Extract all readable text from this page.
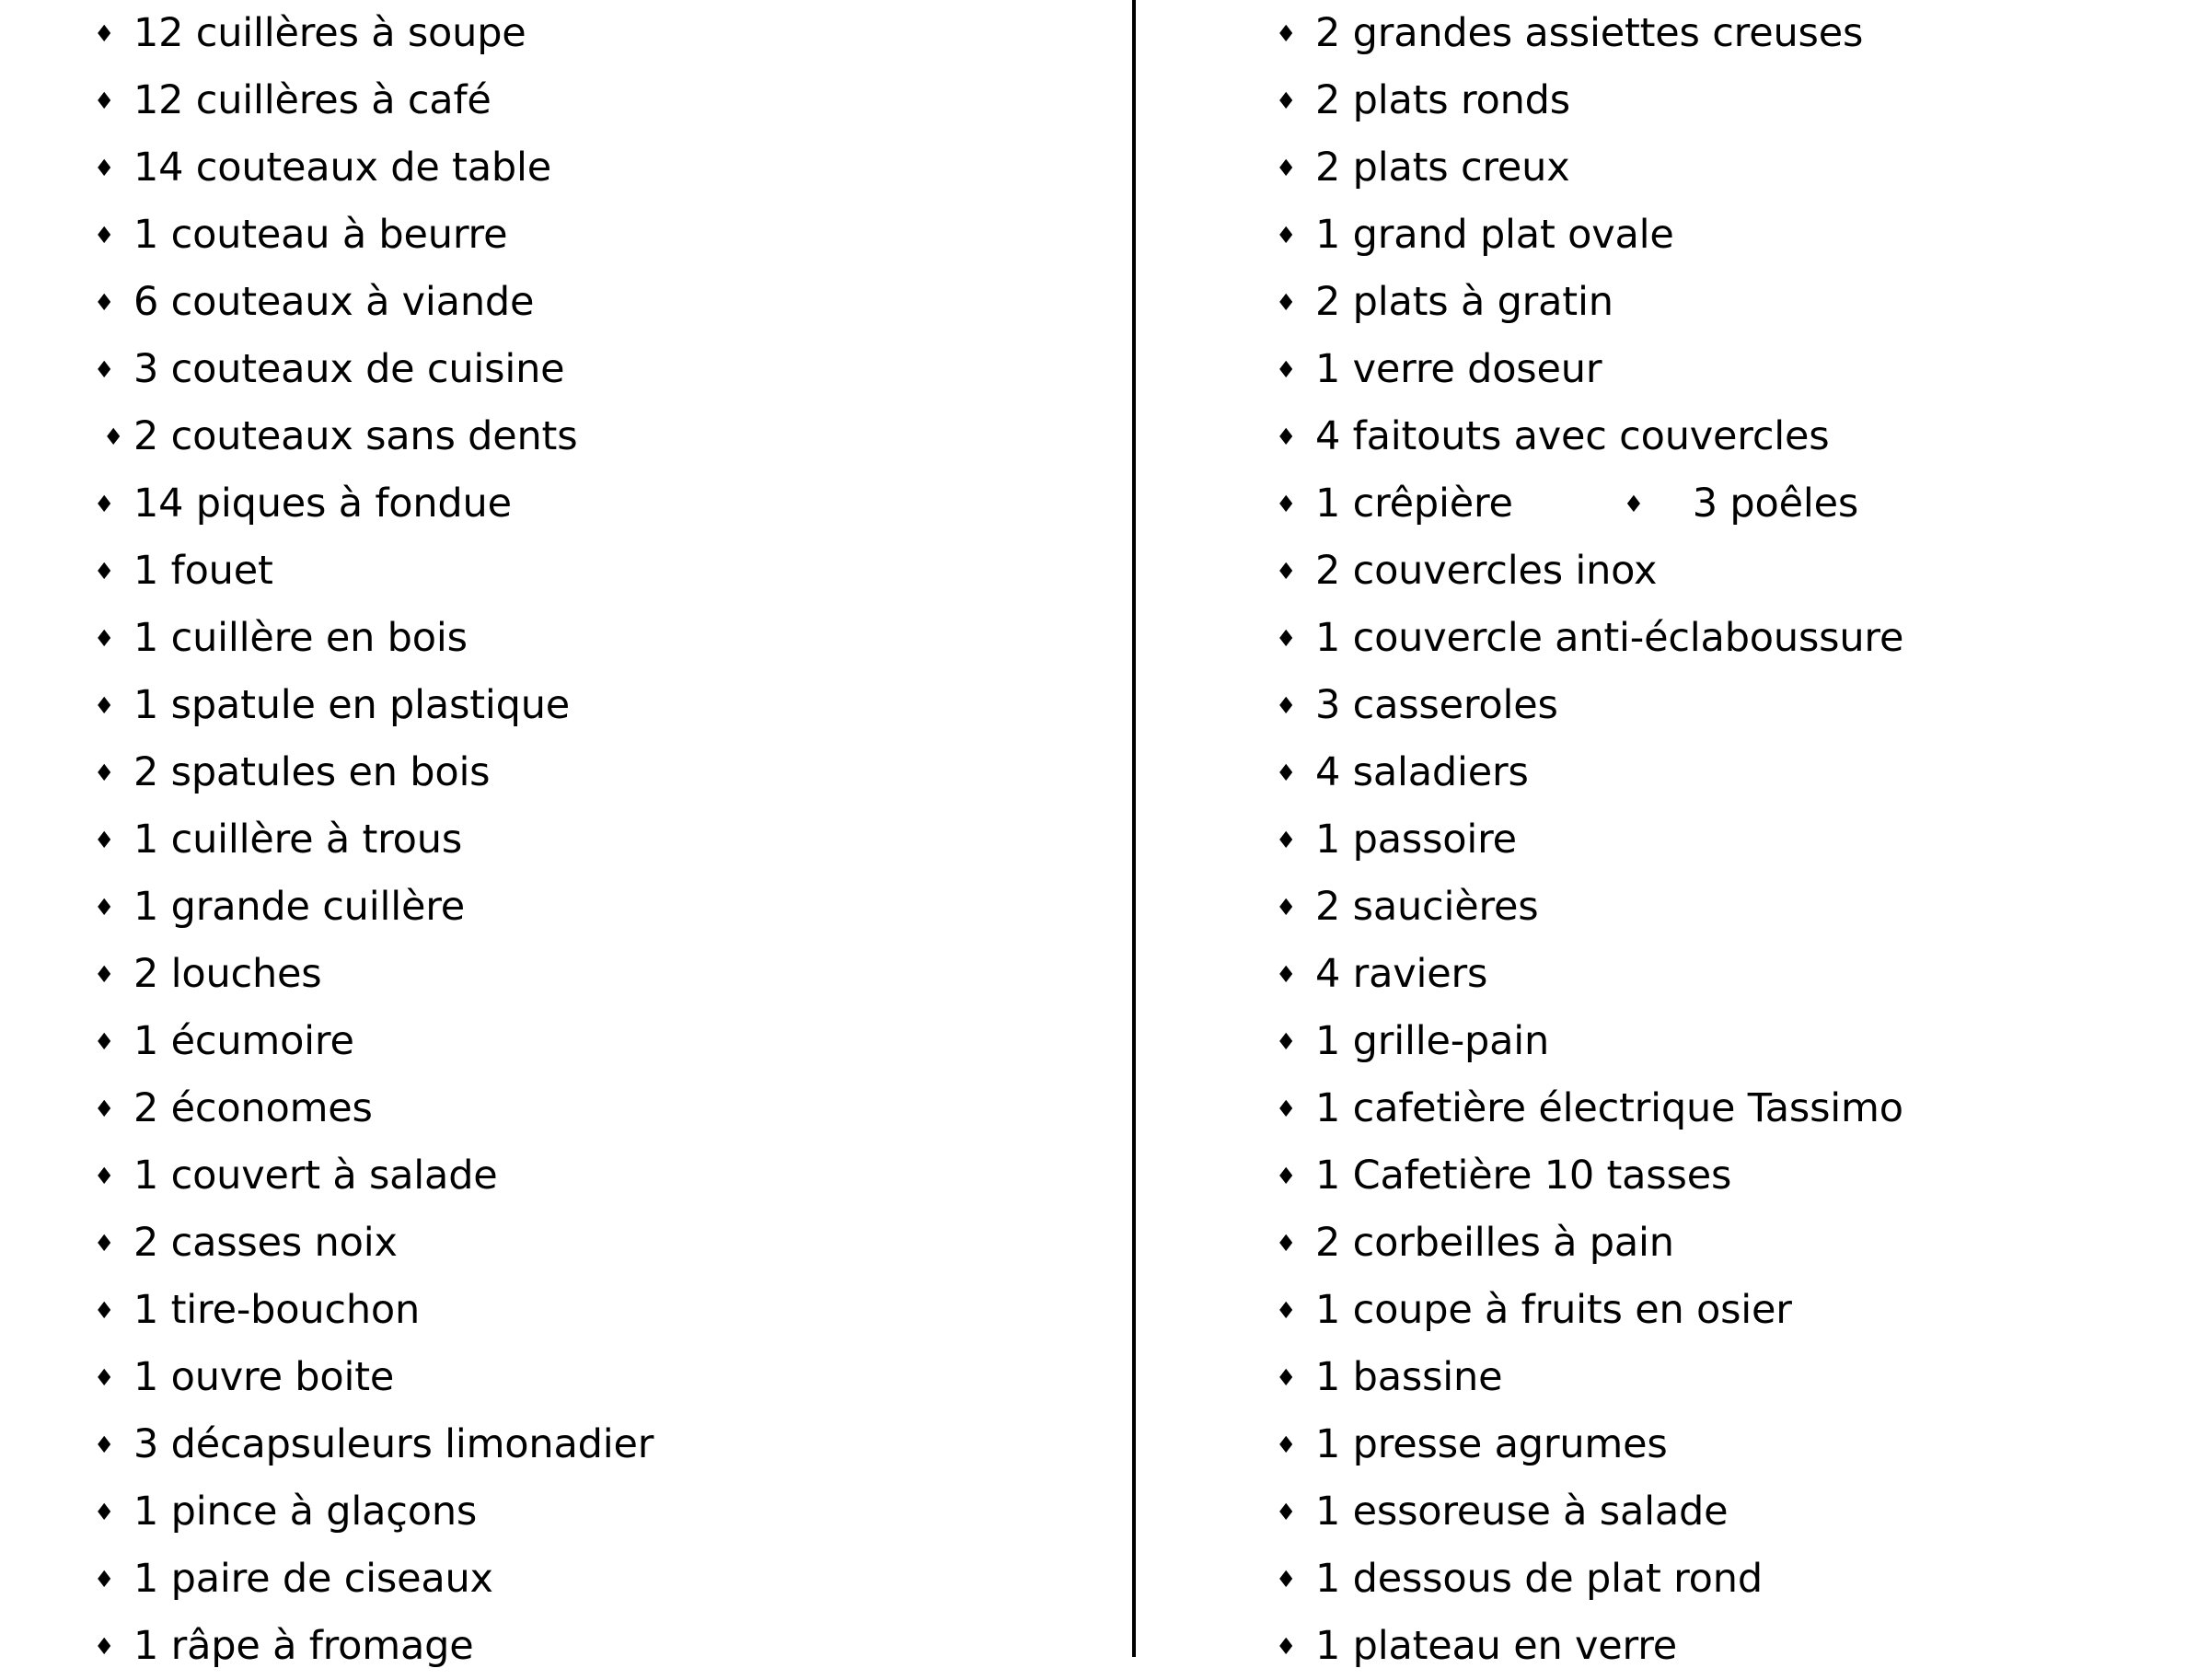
♦ 12 cuillères à soupe
♦ 12 cuillères à café
♦ 14 couteaux de table
♦ 1 couteau à beurre
♦ 6 couteaux à viande
♦ 3 couteaux de cuisine
♦ 2 couteaux sans dents
♦ 14 piques à fondue
♦ 1 fouet
♦ 1 cuillère en bois
♦ 1 spatule en plastique
♦ 2 spatules en bois
♦ 1 cuillère à trous
♦ 1 grande cuillère
♦ 2 louches
♦ 1 écumoire
♦ 2 économes
♦ 1 couvert à salade
♦ 2 casses noix
♦ 1 tire-bouchon
♦ 1 ouvre boite
♦ 3 décapsuleurs limonadier
♦ 1 pince à glaçons
♦ 1 paire de ciseaux
♦ 1 râpe à fromage
♦ 2 grandes assiettes creuses
♦ 2 plats ronds
♦ 2 plats creux
♦ 1 grand plat ovale
♦ 2 plats à gratin
♦ 1 verre doseur
♦ 4 faitouts avec couvercles
♦ 1 crêpière	♦ 3 poêles
♦ 2 couvercles inox
♦ 1 couvercle anti-éclaboussure
♦ 3 casseroles
♦ 4 saladiers
♦ 1 passoire
♦ 2 saucières
♦ 4 raviers
♦ 1 grille-pain
♦ 1 cafetière électrique Tassimo
♦ 1 Cafetière 10 tasses
♦ 2 corbeilles à pain
♦ 1 coupe à fruits en osier
♦ 1 bassine
♦ 1 presse agrumes
♦ 1 essoreuse à salade
♦ 1 dessous de plat rond
♦ 1 plateau en verre
